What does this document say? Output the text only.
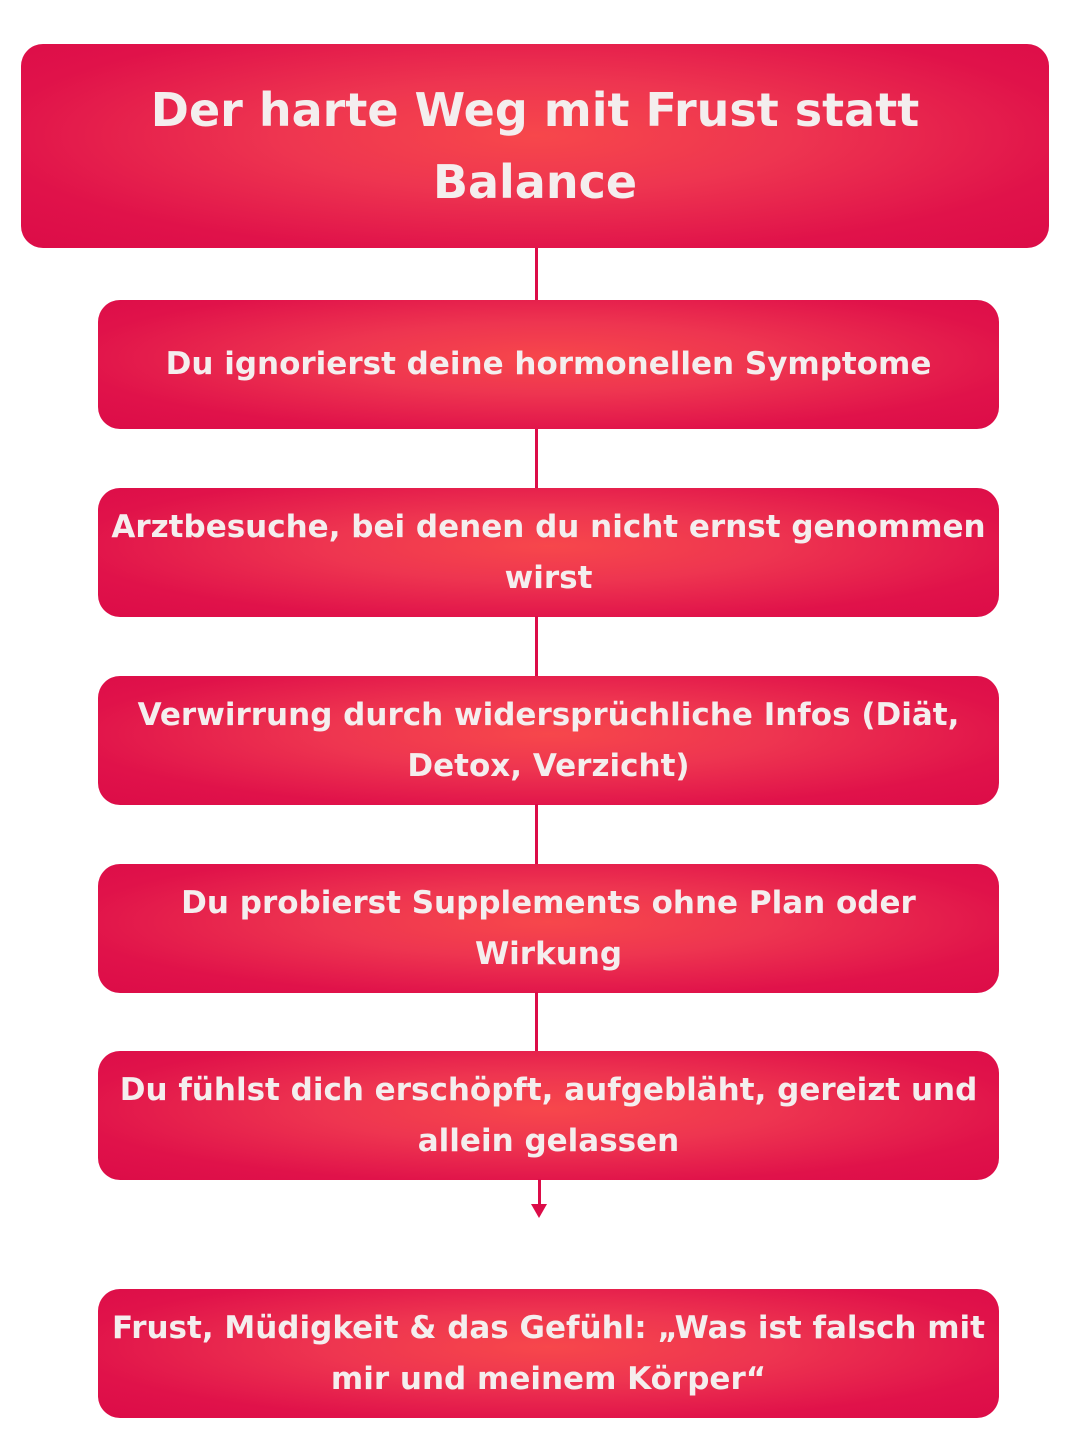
Der harte Weg mit Frust statt Balance
Du ignorierst deine hormonellen Symptome
Arztbesuche, bei denen du nicht ernst genommen wirst
Verwirrung durch widersprüchliche Infos (Diät, Detox, Verzicht)
Du probierst Supplements ohne Plan oder Wirkung
Du fühlst dich erschöpft, aufgebläht, gereizt und allein gelassen
Frust, Müdigkeit & das Gefühl: „Was ist falsch mit mir und meinem Körper“
